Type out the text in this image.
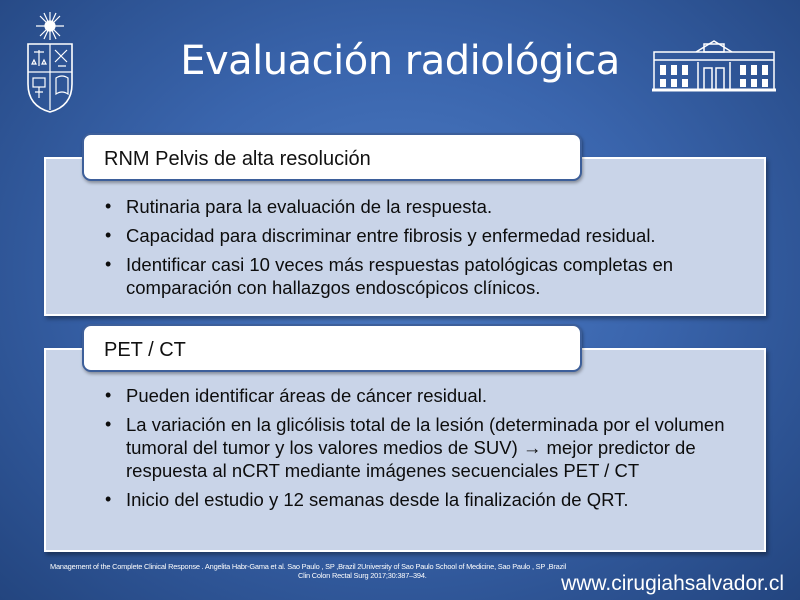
Evaluación radiológica
• Rutinaria para la evaluación de la respuesta.
• Capacidad para discriminar entre fibrosis y enfermedad residual.
• Identificar casi 10 veces más respuestas patológicas completas en comparación con hallazgos endoscópicos clínicos.
RNM Pelvis de alta resolución
• Pueden identificar áreas de cáncer residual.
• La variación en la glicólisis total de la lesión (determinada por el volumen tumoral del tumor y los valores medios de SUV) → mejor predictor de respuesta al nCRT mediante imágenes secuenciales PET / CT
• Inicio del estudio y 12 semanas desde la finalización de QRT.
PET / CT
Management of the Complete Clinical Response . Angelita Habr-Gama et al. Sao Paulo , SP ,Brazil 2University of Sao Paulo School of Medicine, Sao Paulo , SP ,Brazil
Clin Colon Rectal Surg 2017;30:387–394.	www.cirugiahsalvador.cl
